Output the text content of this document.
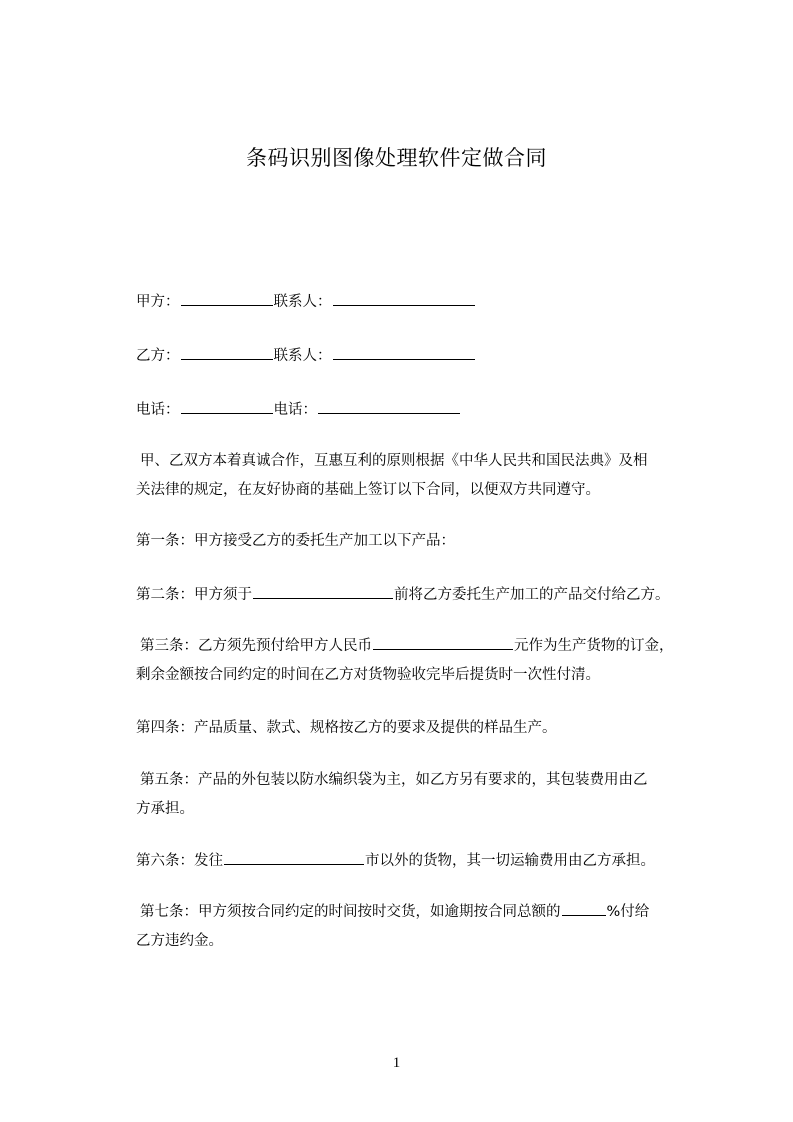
条码识别图像处理软件定做合同
甲方：	联系人：
乙方：	联系人：
电话：	电话：
甲、乙双方本着真诚合作，互惠互利的原则根据《中华人民共和国民法典》及相
关法律的规定，在友好协商的基础上签订以下合同，以便双方共同遵守。
第一条：甲方接受乙方的委托生产加工以下产品：
第二条：甲方须于	前将乙方委托生产加工的产品交付给乙方。
第三条：乙方须先预付给甲方人民币	元作为生产货物的订金，
剩余金额按合同约定的时间在乙方对货物验收完毕后提货时一次性付清。
第四条：产品质量、款式、规格按乙方的要求及提供的样品生产。
第五条：产品的外包装以防水编织袋为主，如乙方另有要求的，其包装费用由乙
方承担。
第六条：发往	市以外的货物，其一切运输费用由乙方承担。
第七条：甲方须按合同约定的时间按时交货，如逾期按合同总额的	%付给
乙方违约金。
1
